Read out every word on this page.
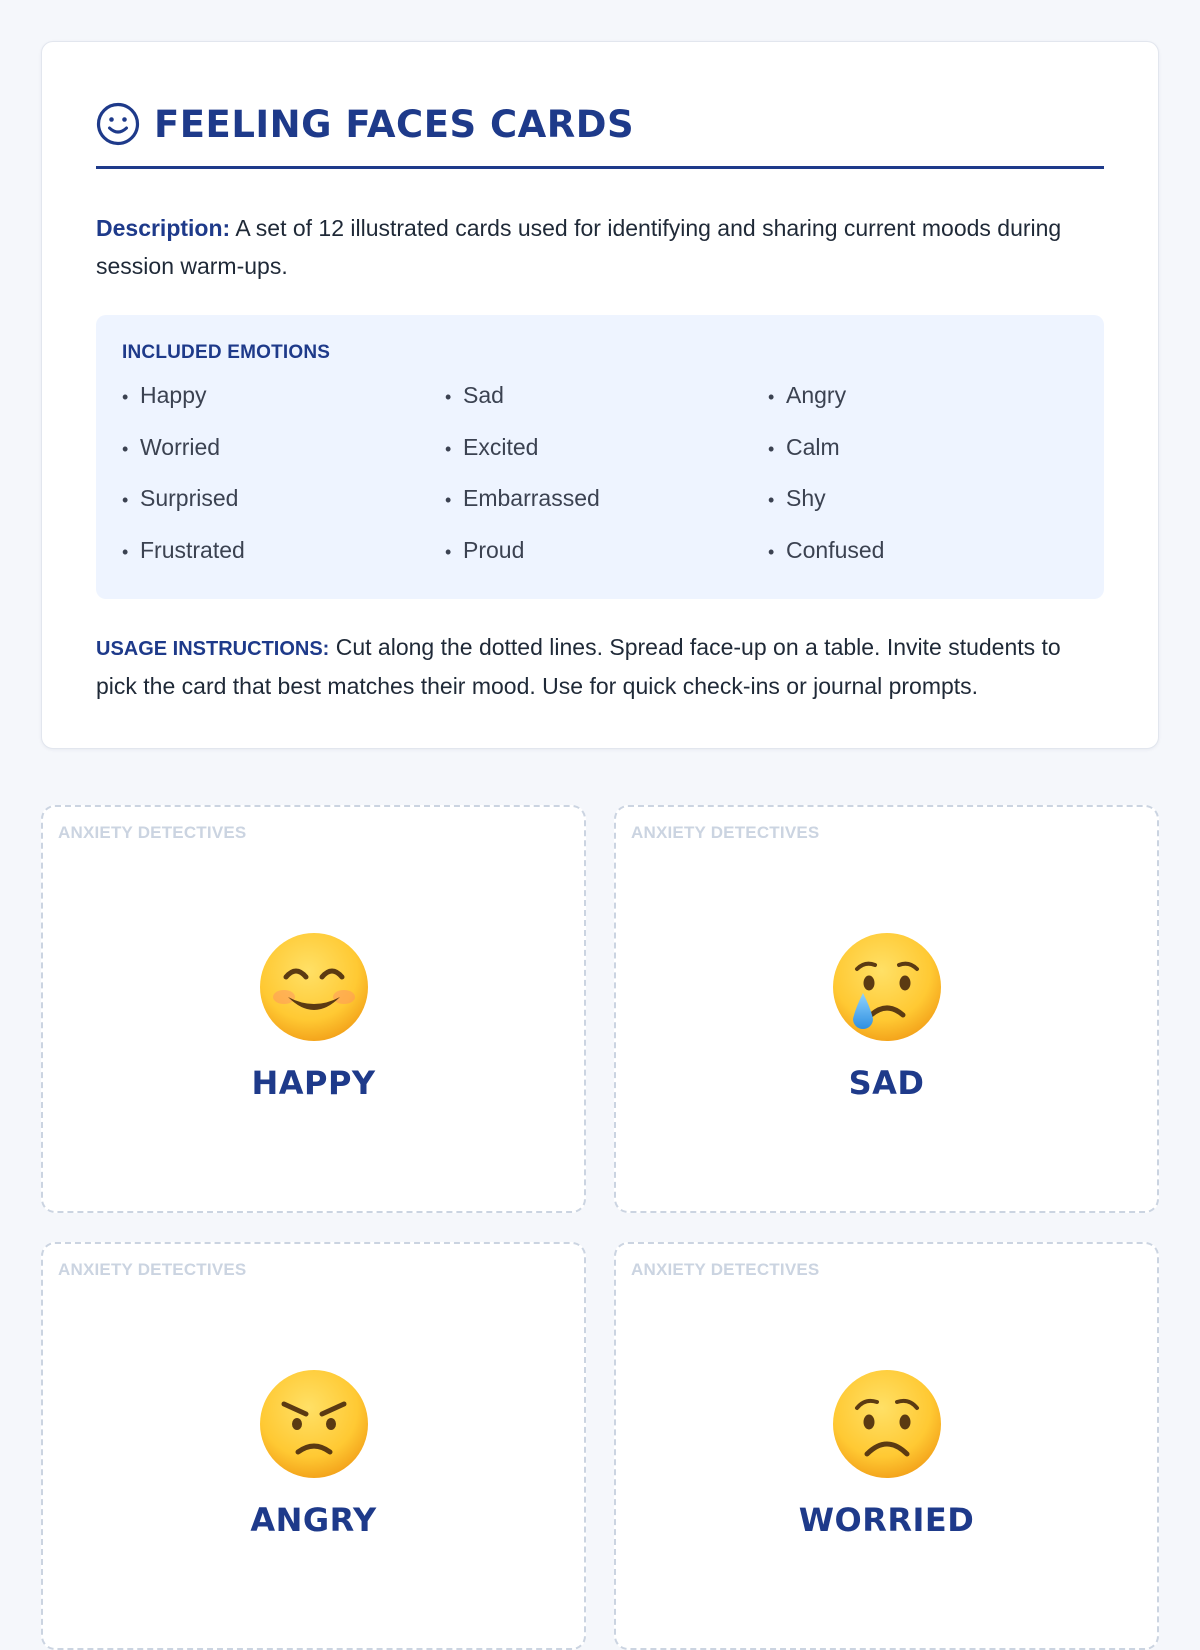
FEELING FACES CARDS

Description: A set of 12 illustrated cards used for identifying and sharing current moods during session warm-ups.

INCLUDED EMOTIONS
• Happy	• Sad	• Angry
• Worried	• Excited	• Calm
• Surprised	• Embarrassed	• Shy
• Frustrated	• Proud	• Confused

USAGE INSTRUCTIONS: Cut along the dotted lines. Spread face-up on a table. Invite students to pick the card that best matches their mood. Use for quick check-ins or journal prompts.

ANXIETY DETECTIVES
HAPPY
ANXIETY DETECTIVES
SAD
ANXIETY DETECTIVES
ANGRY
ANXIETY DETECTIVES
WORRIED
